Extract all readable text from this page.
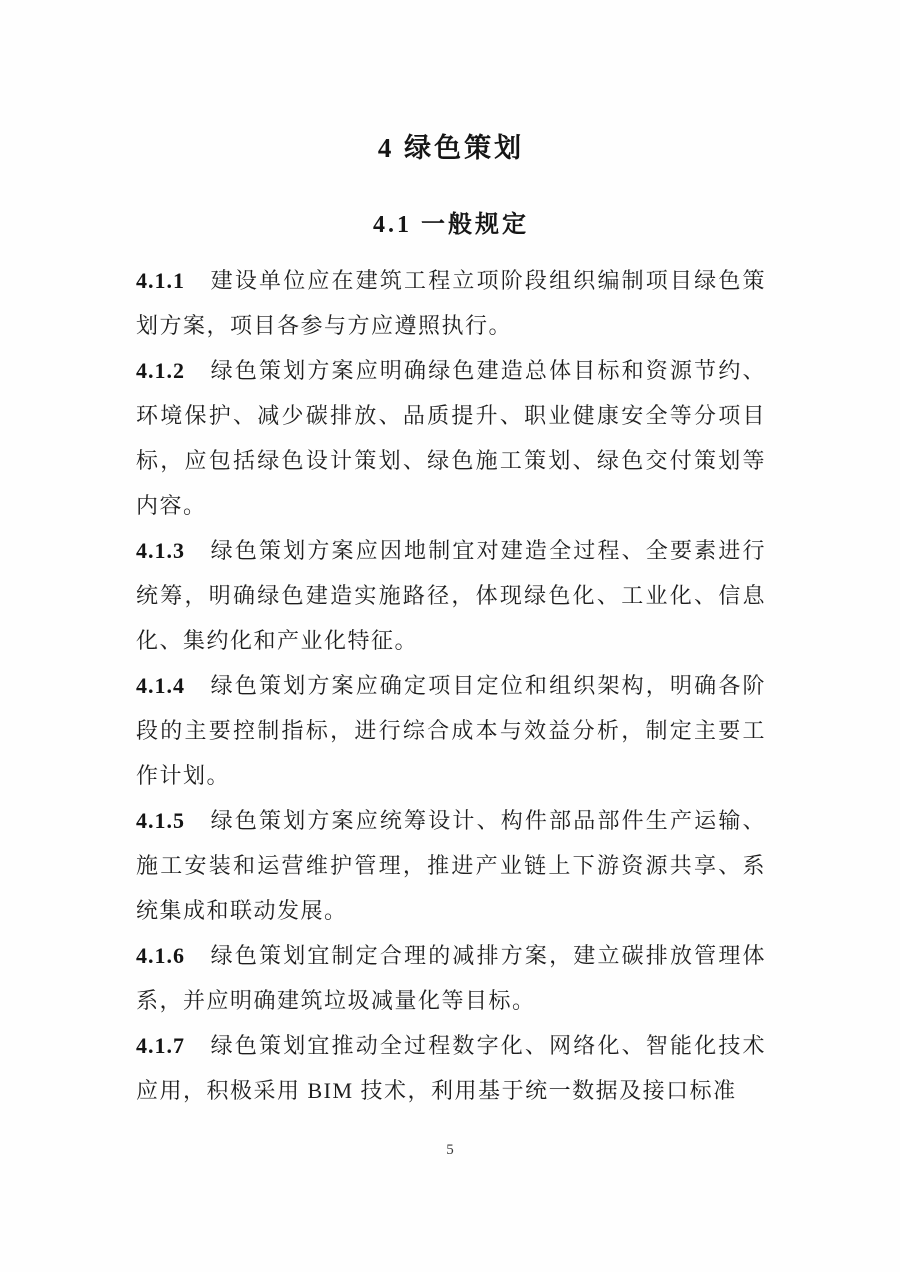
4 绿色策划
4.1 一般规定

4.1.1 建设单位应在建筑工程立项阶段组织编制项目绿色策划方案，项目各参与方应遵照执行。

4.1.2 绿色策划方案应明确绿色建造总体目标和资源节约、环境保护、减少碳排放、品质提升、职业健康安全等分项目标，应包括绿色设计策划、绿色施工策划、绿色交付策划等内容。

4.1.3 绿色策划方案应因地制宜对建造全过程、全要素进行统筹，明确绿色建造实施路径，体现绿色化、工业化、信息化、集约化和产业化特征。

4.1.4 绿色策划方案应确定项目定位和组织架构，明确各阶段的主要控制指标，进行综合成本与效益分析，制定主要工作计划。

4.1.5 绿色策划方案应统筹设计、构件部品部件生产运输、施工安装和运营维护管理，推进产业链上下游资源共享、系统集成和联动发展。

4.1.6 绿色策划宜制定合理的减排方案，建立碳排放管理体系，并应明确建筑垃圾减量化等目标。

4.1.7 绿色策划宜推动全过程数字化、网络化、智能化技术应用，积极采用 BIM 技术，利用基于统一数据及接口标准

5
